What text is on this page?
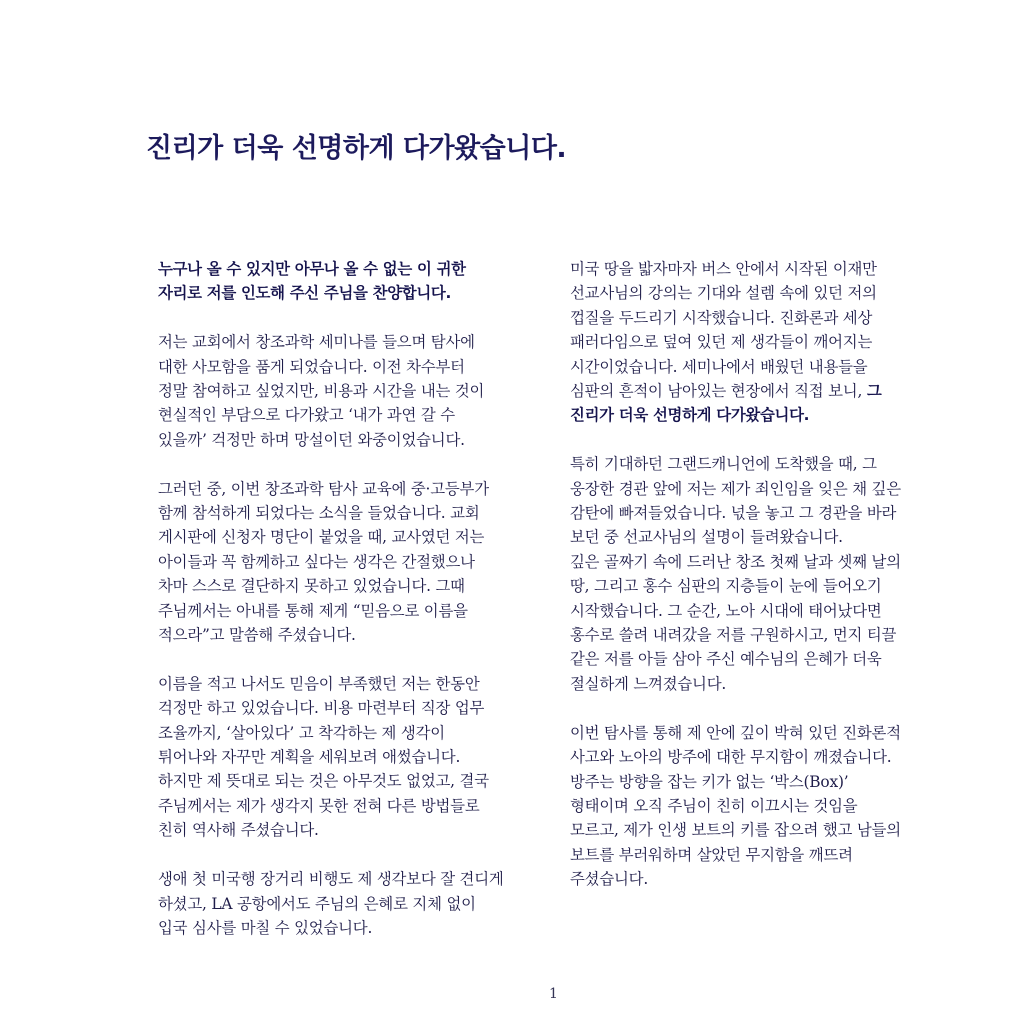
진리가 더욱 선명하게 다가왔습니다.

누구나 올 수 있지만 아무나 올 수 없는 이 귀한
자리로 저를 인도해 주신 주님을 찬양합니다.

저는 교회에서 창조과학 세미나를 들으며 탐사에
대한 사모함을 품게 되었습니다. 이전 차수부터
정말 참여하고 싶었지만, 비용과 시간을 내는 것이
현실적인 부담으로 다가왔고 ‘내가 과연 갈 수
있을까’ 걱정만 하며 망설이던 와중이었습니다.

그러던 중, 이번 창조과학 탐사 교육에 중·고등부가
함께 참석하게 되었다는 소식을 들었습니다. 교회
게시판에 신청자 명단이 붙었을 때, 교사였던 저는
아이들과 꼭 함께하고 싶다는 생각은 간절했으나
차마 스스로 결단하지 못하고 있었습니다. 그때
주님께서는 아내를 통해 제게 “믿음으로 이름을
적으라”고 말씀해 주셨습니다.

이름을 적고 나서도 믿음이 부족했던 저는 한동안
걱정만 하고 있었습니다. 비용 마련부터 직장 업무
조율까지, ‘살아있다’ 고 착각하는 제 생각이
튀어나와 자꾸만 계획을 세워보려 애썼습니다.
하지만 제 뜻대로 되는 것은 아무것도 없었고, 결국
주님께서는 제가 생각지 못한 전혀 다른 방법들로
친히 역사해 주셨습니다.

생애 첫 미국행 장거리 비행도 제 생각보다 잘 견디게
하셨고, LA 공항에서도 주님의 은혜로 지체 없이
입국 심사를 마칠 수 있었습니다.

미국 땅을 밟자마자 버스 안에서 시작된 이재만
선교사님의 강의는 기대와 설렘 속에 있던 저의
껍질을 두드리기 시작했습니다. 진화론과 세상
패러다임으로 덮여 있던 제 생각들이 깨어지는
시간이었습니다. 세미나에서 배웠던 내용들을
심판의 흔적이 남아있는 현장에서 직접 보니, 그
진리가 더욱 선명하게 다가왔습니다.

특히 기대하던 그랜드캐니언에 도착했을 때, 그
웅장한 경관 앞에 저는 제가 죄인임을 잊은 채 깊은
감탄에 빠져들었습니다. 넋을 놓고 그 경관을 바라
보던 중 선교사님의 설명이 들려왔습니다.
깊은 골짜기 속에 드러난 창조 첫째 날과 셋째 날의
땅, 그리고 홍수 심판의 지층들이 눈에 들어오기
시작했습니다. 그 순간, 노아 시대에 태어났다면
홍수로 쓸려 내려갔을 저를 구원하시고, 먼지 티끌
같은 저를 아들 삼아 주신 예수님의 은혜가 더욱
절실하게 느껴졌습니다.

이번 탐사를 통해 제 안에 깊이 박혀 있던 진화론적
사고와 노아의 방주에 대한 무지함이 깨졌습니다.
방주는 방향을 잡는 키가 없는 ‘박스(Box)’
형태이며 오직 주님이 친히 이끄시는 것임을
모르고, 제가 인생 보트의 키를 잡으려 했고 남들의
보트를 부러워하며 살았던 무지함을 깨뜨려
주셨습니다.

1
